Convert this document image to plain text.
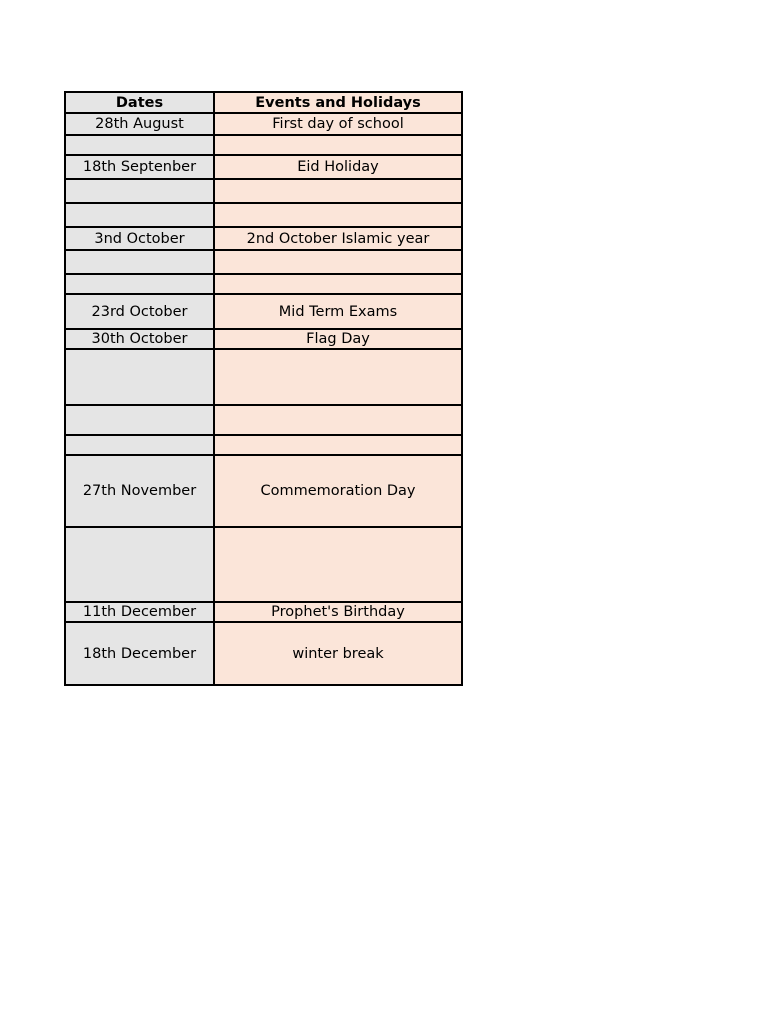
Dates	Events and Holidays
28th August	First day of school

18th Septenber	Eid Holiday

3nd October	2nd October Islamic year

23rd October	Mid Term Exams
30th October	Flag Day

27th November	Commemoration Day

11th December	Prophet's Birthday
18th December	winter break
